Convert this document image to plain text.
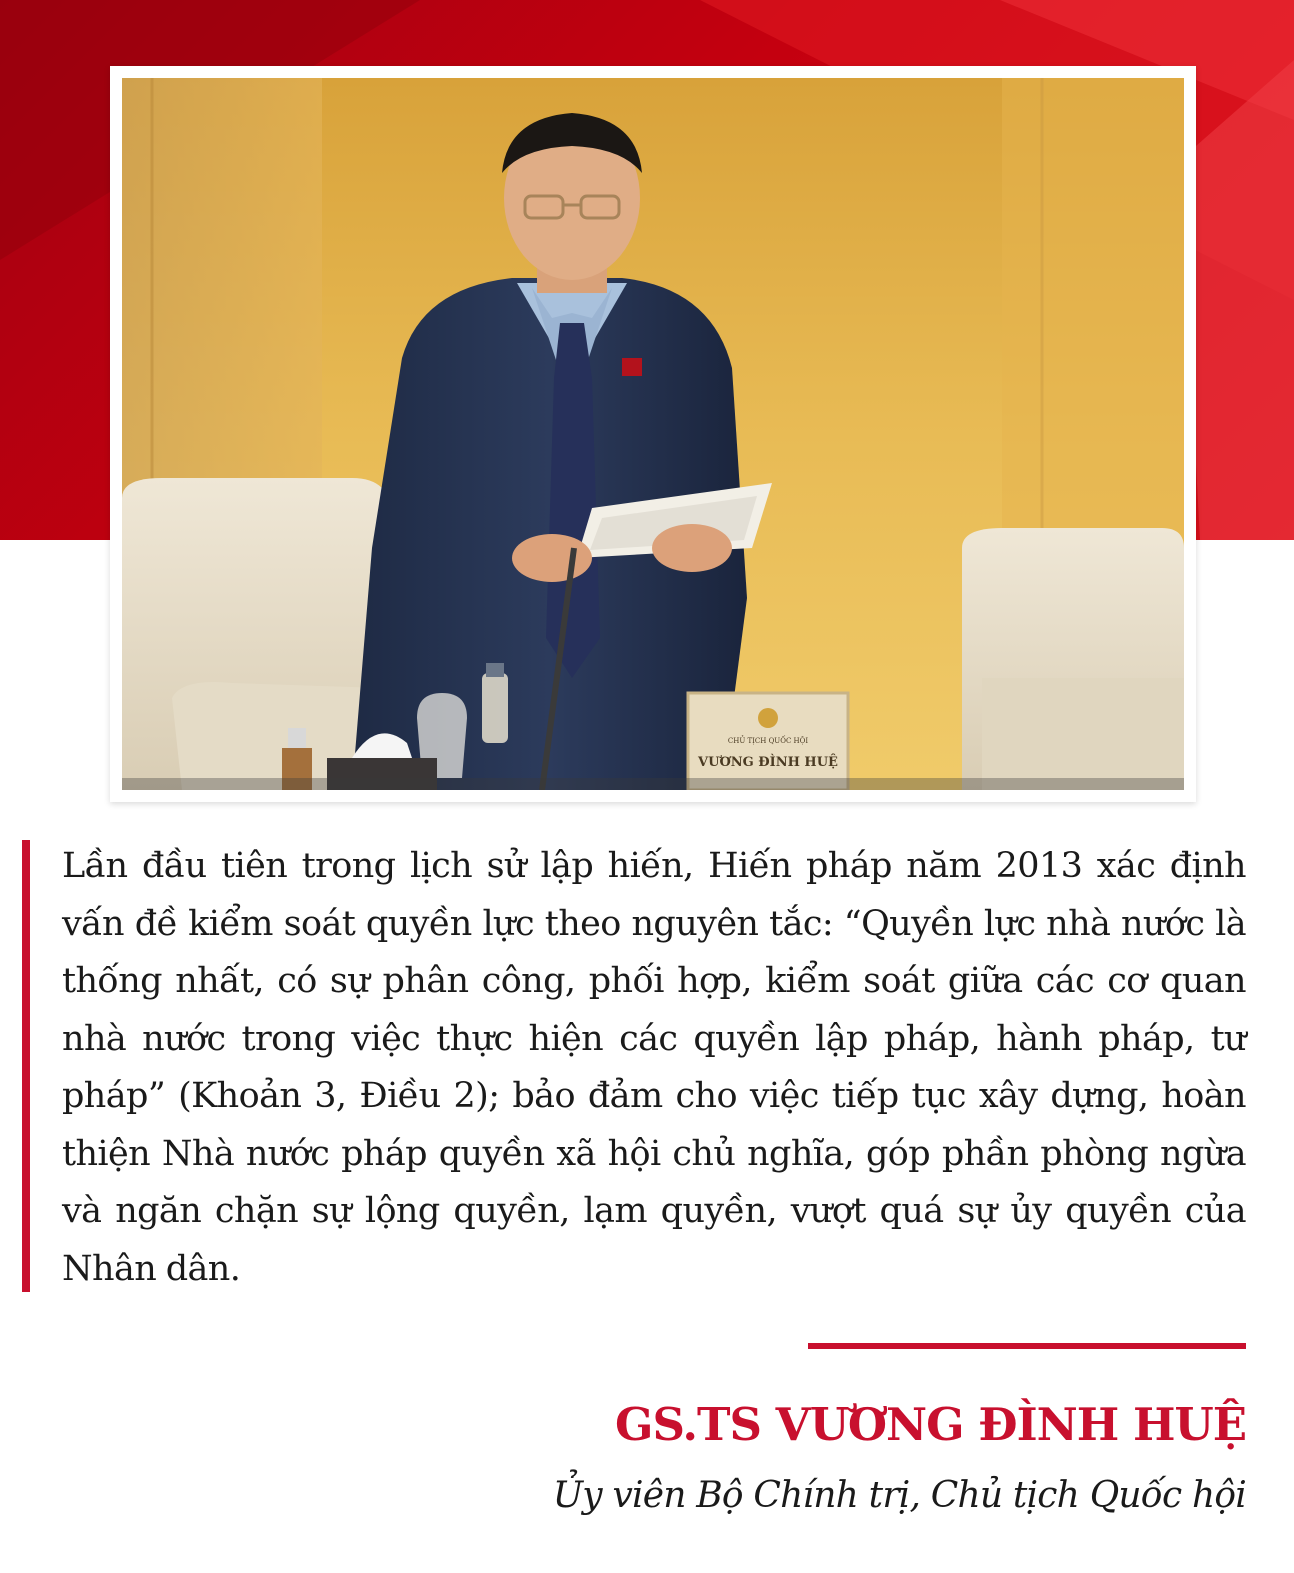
CHỦ TỊCH QUỐC HỘI
VƯƠNG ĐÌNH HUỆ

Lần đầu tiên trong lịch sử lập hiến, Hiến pháp năm 2013 xác định vấn đề kiểm soát quyền lực theo nguyên tắc: “Quyền lực nhà nước là thống nhất, có sự phân công, phối hợp, kiểm soát giữa các cơ quan nhà nước trong việc thực hiện các quyền lập pháp, hành pháp, tư pháp” (Khoản 3, Điều 2); bảo đảm cho việc tiếp tục xây dựng, hoàn thiện Nhà nước pháp quyền xã hội chủ nghĩa, góp phần phòng ngừa và ngăn chặn sự lộng quyền, lạm quyền, vượt quá sự ủy quyền của Nhân dân.

GS.TS VƯƠNG ĐÌNH HUỆ
Ủy viên Bộ Chính trị, Chủ tịch Quốc hội
